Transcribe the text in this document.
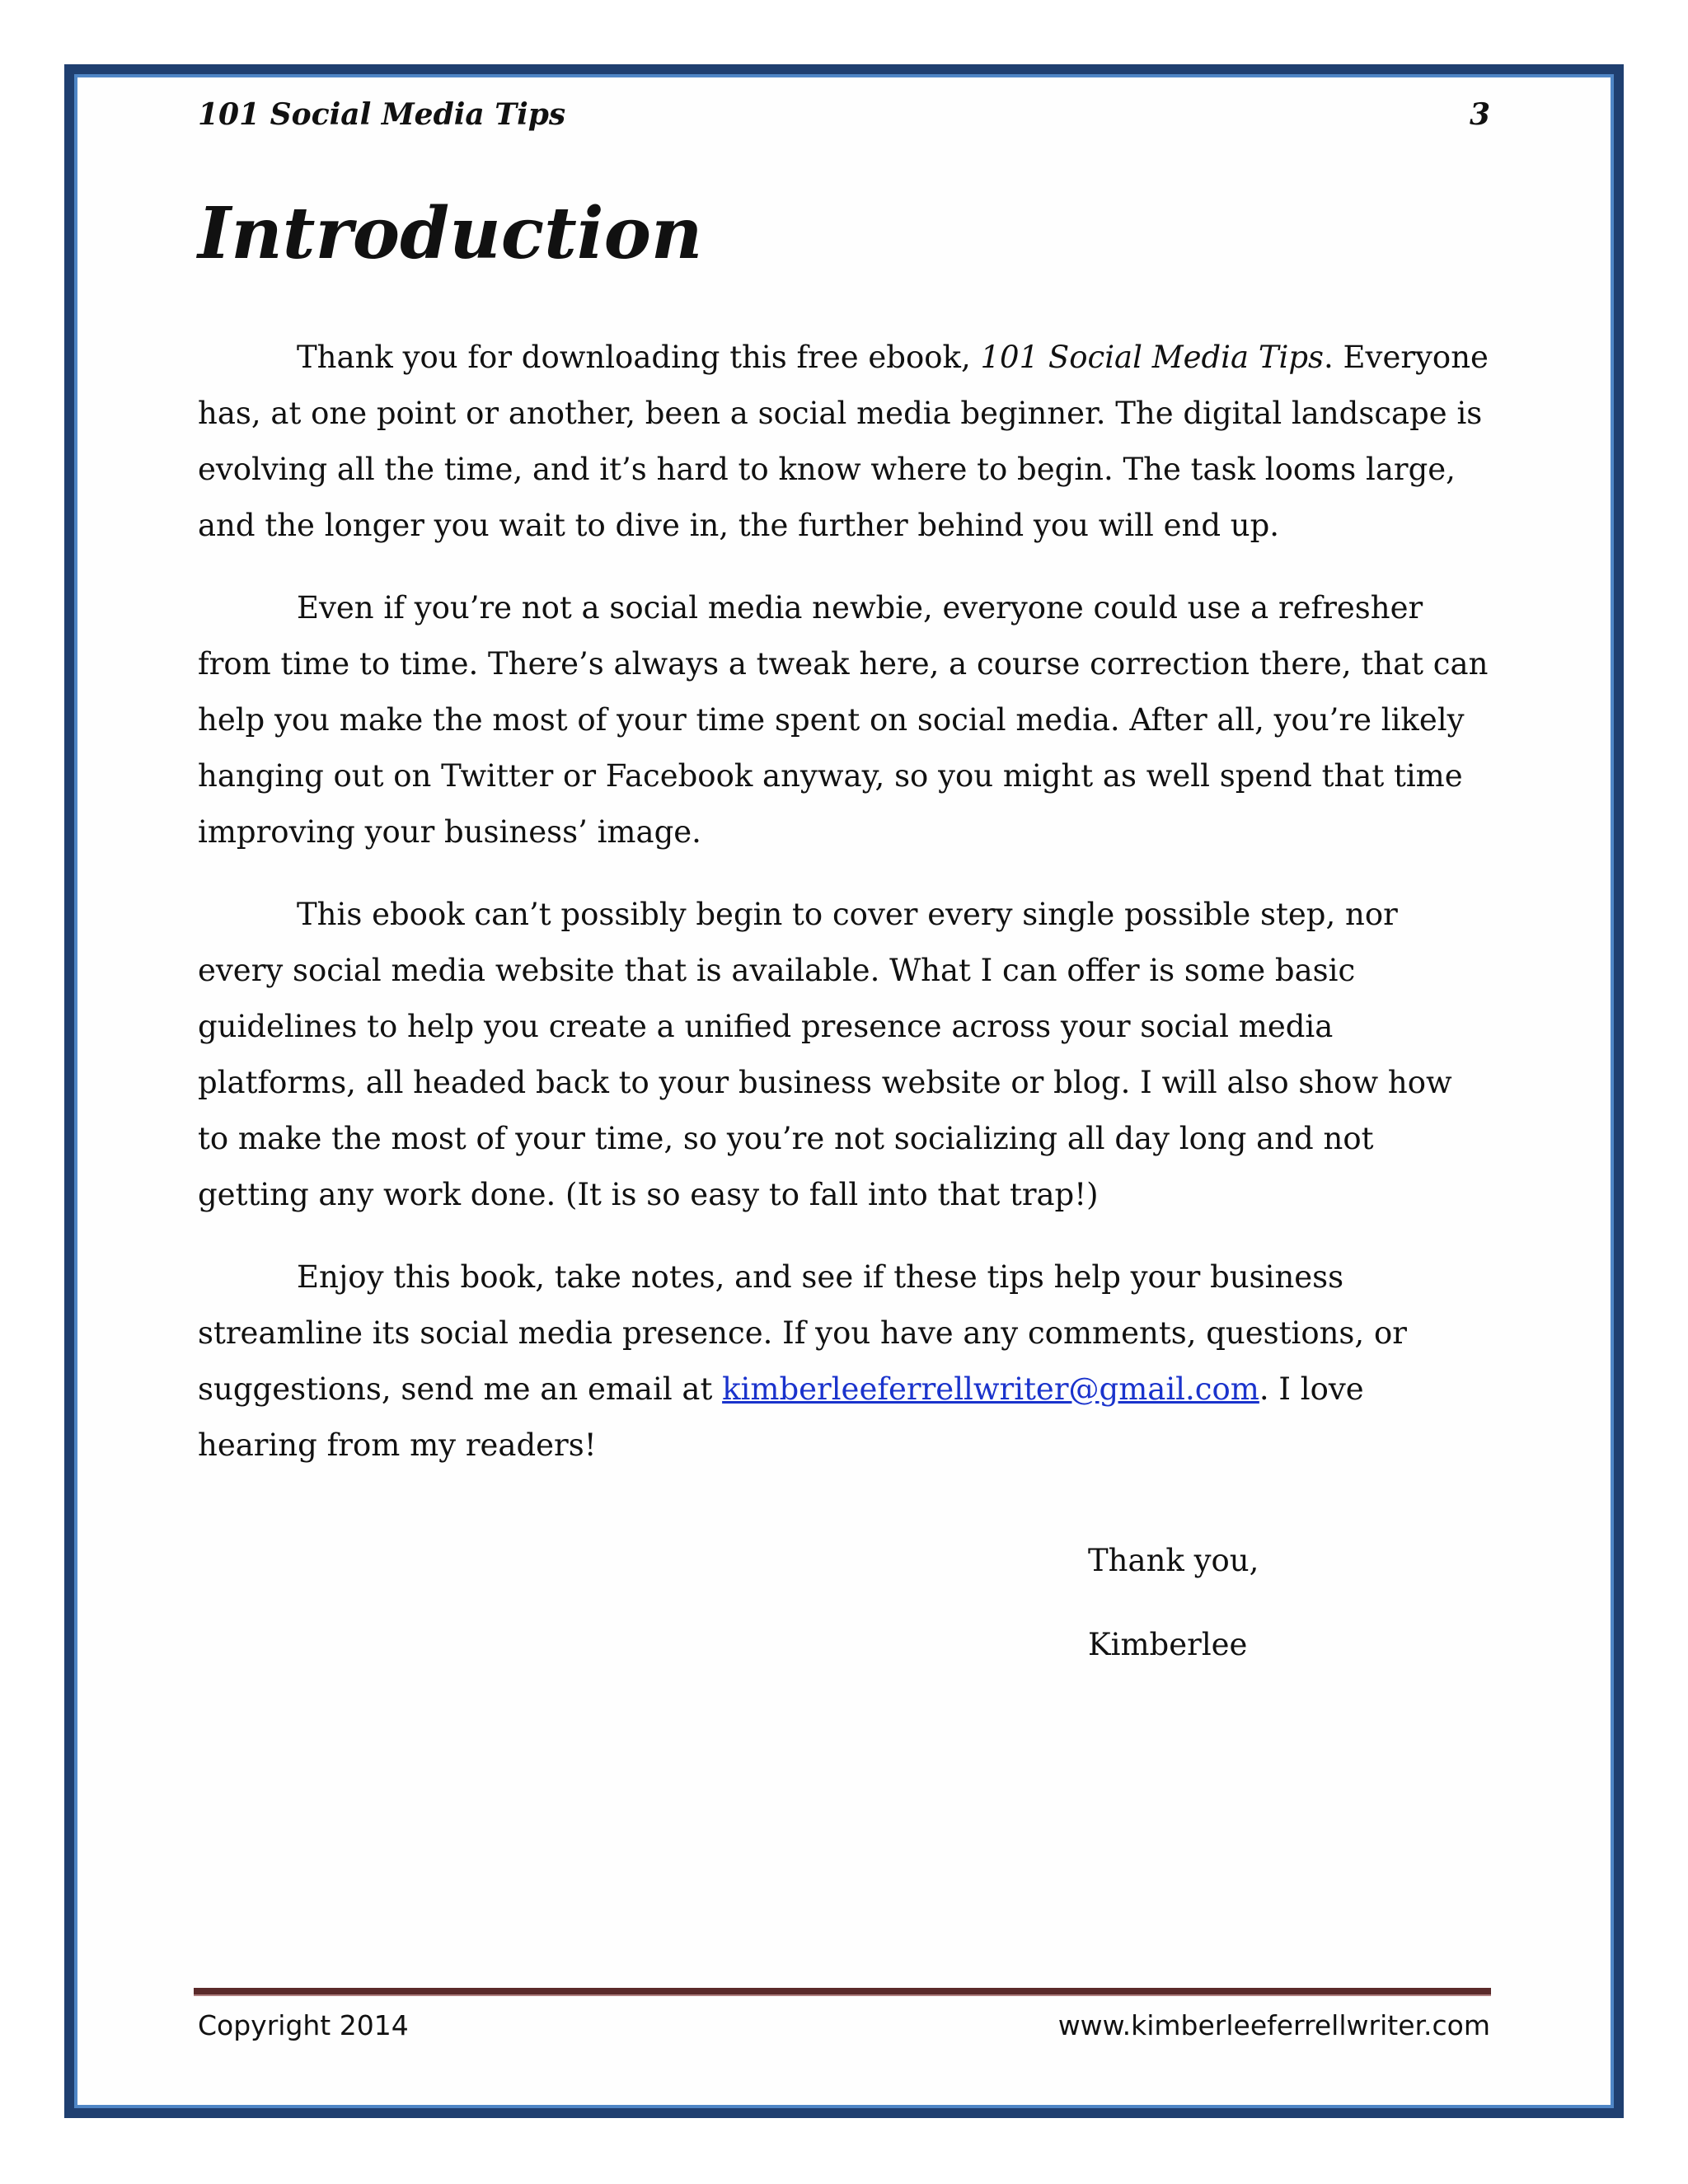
101 Social Media Tips	3
Introduction

Thank you for downloading this free ebook, 101 Social Media Tips. Everyone has, at one point or another, been a social media beginner. The digital landscape is evolving all the time, and it’s hard to know where to begin. The task looms large, and the longer you wait to dive in, the further behind you will end up.

Even if you’re not a social media newbie, everyone could use a refresher from time to time. There’s always a tweak here, a course correction there, that can help you make the most of your time spent on social media. After all, you’re likely hanging out on Twitter or Facebook anyway, so you might as well spend that time improving your business’ image.

This ebook can’t possibly begin to cover every single possible step, nor every social media website that is available. What I can offer is some basic guidelines to help you create a unified presence across your social media platforms, all headed back to your business website or blog. I will also show how to make the most of your time, so you’re not socializing all day long and not getting any work done. (It is so easy to fall into that trap!)

Enjoy this book, take notes, and see if these tips help your business streamline its social media presence. If you have any comments, questions, or suggestions, send me an email at kimberleeferrellwriter@gmail.com. I love hearing from my readers!

Thank you,
Kimberlee
Copyright 2014	www.kimberleeferrellwriter.com
